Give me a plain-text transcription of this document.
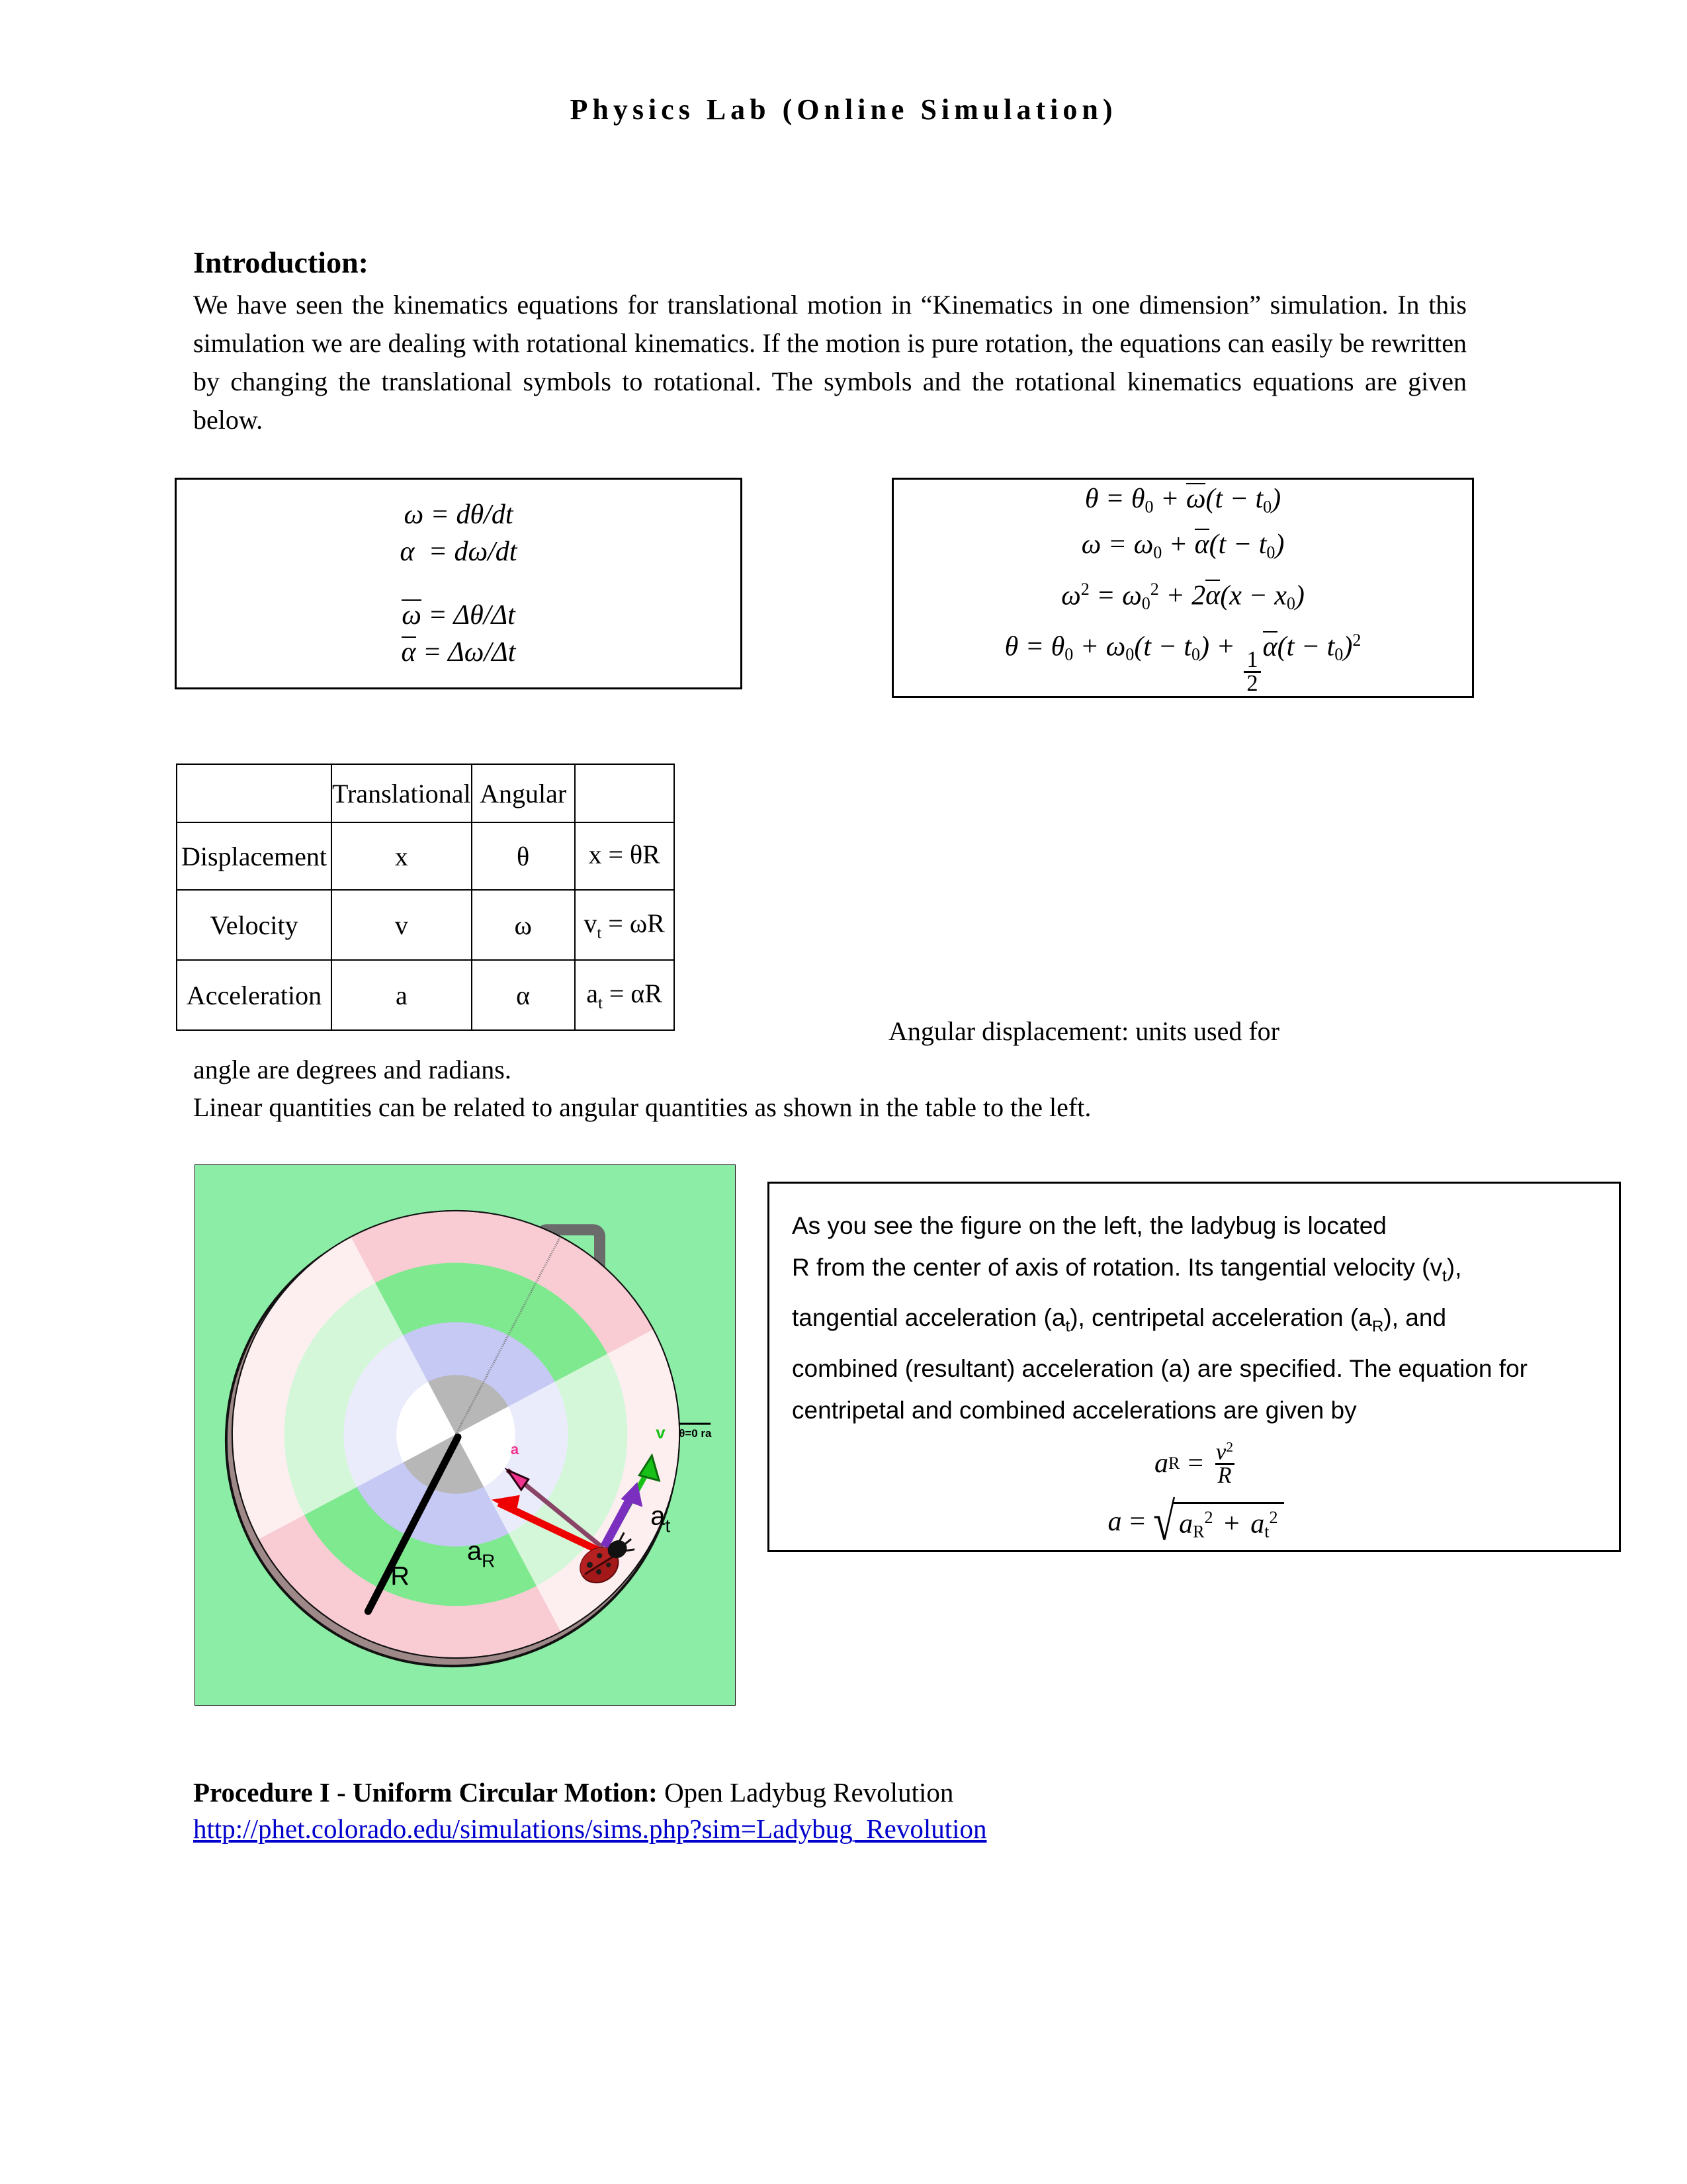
Physics Lab (Online Simulation)
Introduction:
We have seen the kinematics equations for translational motion in “Kinematics in one dimension” simulation. In this simulation we are dealing with rotational kinematics. If the motion is pure rotation, the equations can easily be rewritten by changing the translational symbols to rotational. The symbols and the rotational kinematics equations are given below.
ω = dθ/dt
α  = dω/dt
ω = Δθ/Δt
α = Δω/Δt
$\theta = \theta_0 + \omega(t - t_0)$
$\omega = \omega_0 + \alpha(t - t_0)$
$\omega^2 = \omega_0^2 + 2\alpha(x - x_0)$
$\theta = \theta_0 + \omega_0(t - t_0)$ +
$\frac{1}{2}$
$\alpha(t - t_0)^2$
	Translational	Angular	
Displacement	x	θ	x = θR
Velocity	v	ω	$v_t = \omega R$
Acceleration	a	α	$a_t = \alpha R$
Angular displacement: units used for
angle are degrees and radians.
Linear quantities can be related to angular quantities as shown in the table to the left.
R
a
$a_R$
v
$a_t$
θ=0 ra
As you see the figure on the left, the ladybug is located
R from the center of axis of rotation. Its tangential velocity $(v_t)$,
tangential acceleration $(a_t)$, centripetal acceleration $(a_R)$, and
combined (resultant) acceleration (a) are specified. The equation for
centripetal and combined accelerations are given by
a $R = \frac{v^2}{R}$
a = √ $a_R^2 + a_t^2$
Procedure I - Uniform Circular Motion: Open Ladybug Revolution
http://phet.colorado.edu/simulations/sims.php?sim=Ladybug_Revolution
